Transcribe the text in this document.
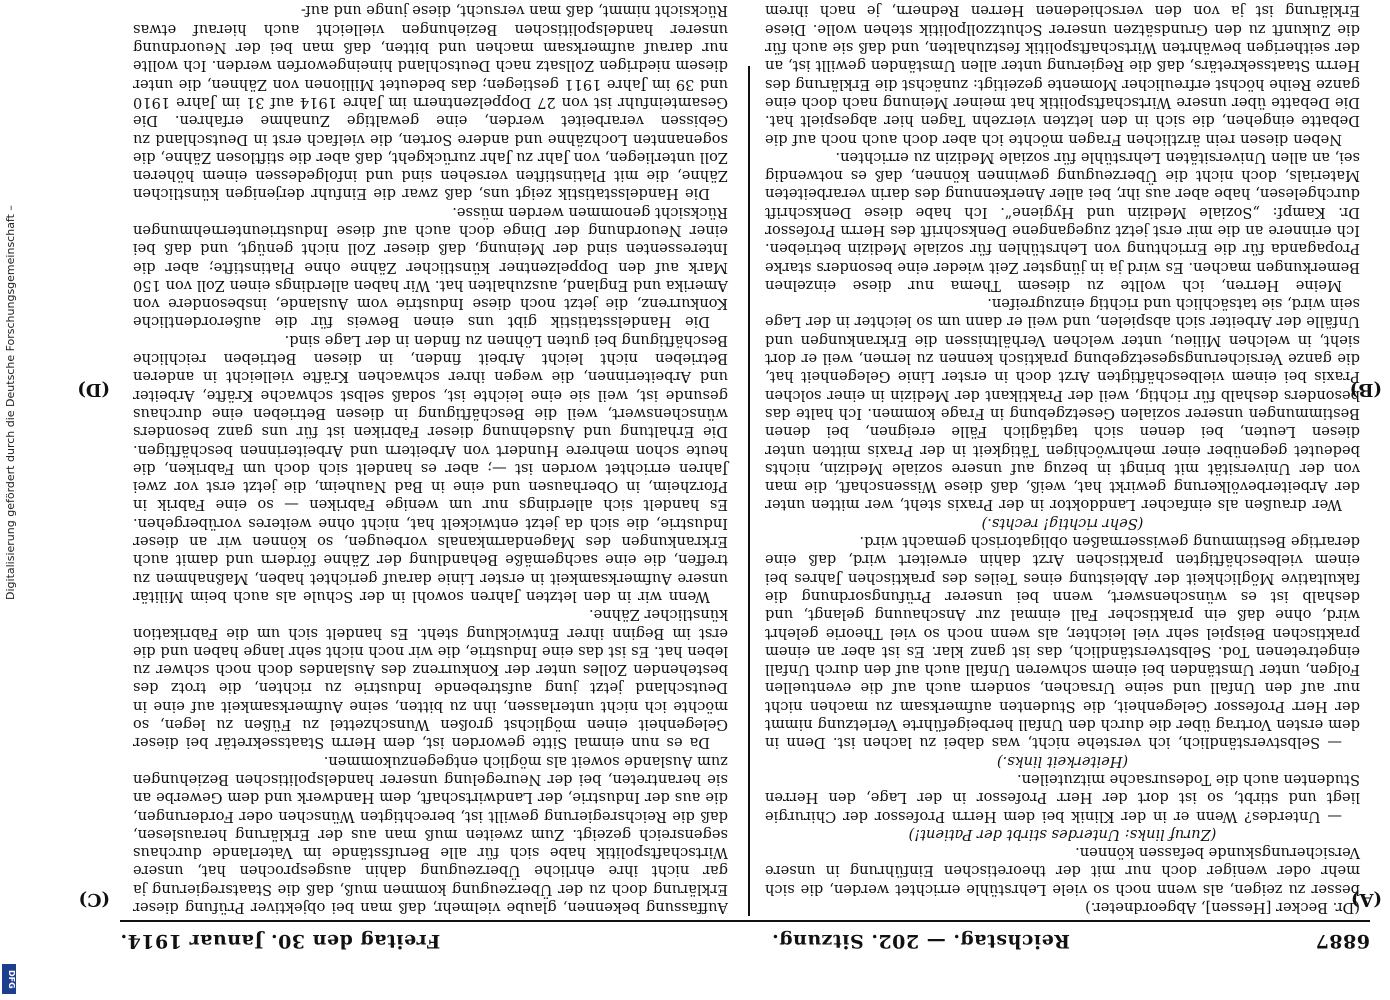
6887
Reichstag. — 202. Sitzung.
Freitag den 30. Januar 1914.
(A)
(B)
(C)
(D)

(Dr. Becker [Hessen], Abgeordneter.)

besser zu zeigen, als wenn noch so viele Lehrstühle errichtet werden, die sich mehr oder weniger doch nur mit der theoretischen Einführung in unsere Versicherungskunde befassen können.

(Zuruf links: Unterdes stirbt der Patient!)

— Unterdes? Wenn er in der Klinik bei dem Herrn Professor der Chirurgie liegt und stirbt, so ist dort der Herr Professor in der Lage, den Herren Studenten auch die Todesursache mitzuteilen.

(Heiterkeit links.)

— Selbstverständlich, ich verstehe nicht, was dabei zu lachen ist. Denn in dem ersten Vortrag über die durch den Unfall herbeigeführte Verletzung nimmt der Herr Professor Gelegenheit, die Studenten aufmerksam zu machen nicht nur auf den Unfall und seine Ursachen, sondern auch auf die eventuellen Folgen, unter Umständen bei einem schweren Unfall auch auf den durch Unfall eingetretenen Tod. Selbstverständlich, das ist ganz klar. Es ist aber an einem praktischen Beispiel sehr viel leichter, als wenn noch so viel Theorie gelehrt wird, ohne daß ein praktischer Fall einmal zur Anschauung gelangt, und deshalb ist es wünschenswert, wenn bei unserer Prüfungsordnung die fakultative Möglichkeit der Ableistung eines Teiles des praktischen Jahres bei einem vielbeschäftigten praktischen Arzt dahin erweitert wird, daß eine derartige Bestimmung gewissermaßen obligatorisch gemacht wird.

(Sehr richtig! rechts.)

Wer draußen als einfacher Landdoktor in der Praxis steht, wer mitten unter der Arbeiterbevölkerung gewirkt hat, weiß, daß diese Wissenschaft, die man von der Universität mit bringt in bezug auf unsere soziale Medizin, nichts bedeutet gegenüber einer mehrwöchigen Tätigkeit in der Praxis mitten unter diesen Leuten, bei denen sich tagtäglich Fälle ereignen, bei denen Bestimmungen unserer sozialen Gesetzgebung in Frage kommen. Ich halte das besonders deshalb für richtig, weil der Praktikant der Medizin in einer solchen Praxis bei einem vielbeschäftigten Arzt doch in erster Linie Gelegenheit hat, die ganze Versicherungsgesetzgebung praktisch kennen zu lernen, weil er dort sieht, in welchen Milieu, unter welchen Verhältnissen die Erkrankungen und Unfälle der Arbeiter sich abspielen, und weil er dann um so leichter in der Lage sein wird, sie tatsächlich und richtig einzugreifen.

Meine Herren, ich wollte zu diesem Thema nur diese einzelnen Bemerkungen machen. Es wird ja in jüngster Zeit wieder eine besonders starke Propaganda für die Errichtung von Lehrstühlen für soziale Medizin betrieben. Ich erinnere an die mir erst jetzt zugegangene Denkschrift des Herrn Professor Dr. Kampf: „Soziale Medizin und Hygiene“. Ich habe diese Denkschrift durchgelesen, habe aber aus ihr, bei aller Anerkennung des darin verarbeiteten Materials, doch nicht die Überzeugung gewinnen können, daß es notwendig sei, an allen Universitäten Lehrstühle für soziale Medizin zu errichten.

Neben diesen rein ärztlichen Fragen möchte ich aber doch auch noch auf die Debatte eingehen, die sich in den letzten vierzehn Tagen hier abgespielt hat. Die Debatte über unsere Wirtschaftspolitik hat meiner Meinung nach doch eine ganze Reihe höchst erfreulicher Momente gezeitigt: zunächst die Erklärung des Herrn Staatssekretärs, daß die Regierung unter allen Umständen gewillt ist, an der seitherigen bewährten Wirtschaftspolitik festzuhalten, und daß sie auch für die Zukunft zu den Grundsätzen unserer Schutzzollpolitik stehen wolle. Diese Erklärung ist ja von den verschiedenen Herren Rednern, je nach ihrem

Auffassung bekennen, glaube vielmehr, daß man bei objektiver Prüfung dieser Erklärung doch zu der Überzeugung kommen muß, daß die Staatsregierung ja gar nicht ihre ehrliche Überzeugung dahin ausgesprochen hat, unsere Wirtschaftspolitik habe sich für alle Berufsstände im Vaterlande durchaus segensreich gezeigt. Zum zweiten muß man aus der Erklärung herauslesen, daß die Reichsregierung gewillt ist, berechtigten Wünschen oder Forderungen, die aus der Industrie, der Landwirtschaft, dem Handwerk und dem Gewerbe an sie herantreten, bei der Neuregelung unserer handelspolitischen Beziehungen zum Auslande soweit als möglich entgegenzukommen.

Da es nun einmal Sitte geworden ist, dem Herrn Staatssekretär bei dieser Gelegenheit einen möglichst großen Wunschzettel zu Füßen zu legen, so möchte ich nicht unterlassen, ihn zu bitten, seine Aufmerksamkeit auf eine in Deutschland jetzt jung aufstrebende Industrie zu richten, die trotz des bestehenden Zolles unter der Konkurrenz des Auslandes doch noch schwer zu leben hat. Es ist das eine Industrie, die wir noch nicht sehr lange haben und die erst im Beginn ihrer Entwicklung steht. Es handelt sich um die Fabrikation künstlicher Zähne.

Wenn wir in den letzten Jahren sowohl in der Schule als auch beim Militär unsere Aufmerksamkeit in erster Linie darauf gerichtet haben, Maßnahmen zu treffen, die eine sachgemäße Behandlung der Zähne fördern und damit auch Erkrankungen des Magendarmkanals vorbeugen, so können wir an dieser Industrie, die sich da jetzt entwickelt hat, nicht ohne weiteres vorübergehen. Es handelt sich allerdings nur um wenige Fabriken — so eine Fabrik in Pforzheim, in Oberhausen und eine in Bad Nauheim, die jetzt erst vor zwei Jahren errichtet worden ist —; aber es handelt sich doch um Fabriken, die heute schon mehrere Hundert von Arbeitern und Arbeiterinnen beschäftigen. Die Erhaltung und Ausdehnung dieser Fabriken ist für uns ganz besonders wünschenswert, weil die Beschäftigung in diesen Betrieben eine durchaus gesunde ist, weil sie eine leichte ist, sodaß selbst schwache Kräfte, Arbeiter und Arbeiterinnen, die wegen ihrer schwachen Kräfte vielleicht in anderen Betrieben nicht leicht Arbeit finden, in diesen Betrieben reichliche Beschäftigung bei guten Löhnen zu finden in der Lage sind.

Die Handelsstatistik gibt uns einen Beweis für die außerordentliche Konkurrenz, die jetzt noch diese Industrie vom Auslande, insbesondere von Amerika und England, auszuhalten hat. Wir haben allerdings einen Zoll von 150 Mark auf den Doppelzentner künstlicher Zähne ohne Platinstifte; aber die Interessenten sind der Meinung, daß dieser Zoll nicht genügt, und daß bei einer Neuordnung der Dinge doch auch auf diese Industrieunternehmungen Rücksicht genommen werden müsse.

Die Handelsstatistik zeigt uns, daß zwar die Einfuhr derjenigen künstlichen Zähne, die mit Platinstiften versehen sind und infolgedessen einem höheren Zoll unterliegen, von Jahr zu Jahr zurückgeht, daß aber die stiftlosen Zähne, die sogenannten Lochzähne und andere Sorten, die vielfach erst in Deutschland zu Gebissen verarbeitet werden, eine gewaltige Zunahme erfahren. Die Gesamteinfuhr ist von 27 Doppelzentnern im Jahre 1914 auf 31 im Jahre 1910 und 39 im Jahre 1911 gestiegen; das bedeutet Millionen von Zähnen, die unter diesem niedrigen Zollsatz nach Deutschland hineingeworfen werden. Ich wollte nur darauf aufmerksam machen und bitten, daß man bei der Neuordnung unserer handelspolitischen Beziehungen vielleicht auch hierauf etwas Rücksicht nimmt, daß man versucht, diese junge und auf-

Digitalisierung gefördert durch die Deutsche Forschungsgemeinschaft –
DFG
